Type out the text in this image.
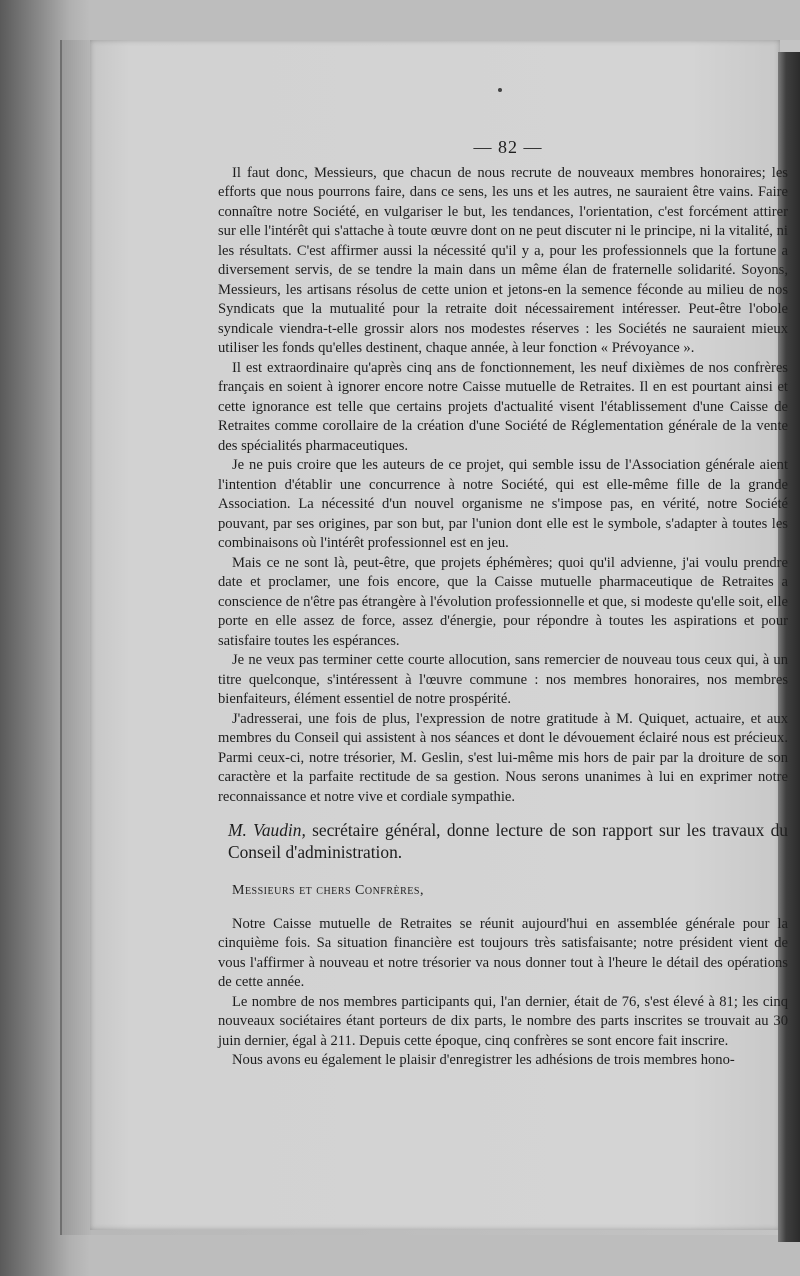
— 82 —

Il faut donc, Messieurs, que chacun de nous recrute de nouveaux membres honoraires; les efforts que nous pourrons faire, dans ce sens, les uns et les autres, ne sauraient être vains. Faire connaître notre Société, en vulgariser le but, les tendances, l'orientation, c'est forcément attirer sur elle l'intérêt qui s'attache à toute œuvre dont on ne peut discuter ni le principe, ni la vitalité, ni les résultats. C'est affirmer aussi la nécessité qu'il y a, pour les professionnels que la fortune a diversement servis, de se tendre la main dans un même élan de fraternelle solidarité. Soyons, Messieurs, les artisans résolus de cette union et jetons-en la semence féconde au milieu de nos Syndicats que la mutualité pour la retraite doit nécessairement intéresser. Peut-être l'obole syndicale viendra-t-elle grossir alors nos modestes réserves : les Sociétés ne sauraient mieux utiliser les fonds qu'elles destinent, chaque année, à leur fonction « Prévoyance ».

Il est extraordinaire qu'après cinq ans de fonctionnement, les neuf dixièmes de nos confrères français en soient à ignorer encore notre Caisse mutuelle de Retraites. Il en est pourtant ainsi et cette ignorance est telle que certains projets d'actualité visent l'établissement d'une Caisse de Retraites comme corollaire de la création d'une Société de Réglementation générale de la vente des spécialités pharmaceutiques.

Je ne puis croire que les auteurs de ce projet, qui semble issu de l'Association générale aient l'intention d'établir une concurrence à notre Société, qui est elle-même fille de la grande Association. La nécessité d'un nouvel organisme ne s'impose pas, en vérité, notre Société pouvant, par ses origines, par son but, par l'union dont elle est le symbole, s'adapter à toutes les combinaisons où l'intérêt professionnel est en jeu.

Mais ce ne sont là, peut-être, que projets éphémères; quoi qu'il advienne, j'ai voulu prendre date et proclamer, une fois encore, que la Caisse mutuelle pharmaceutique de Retraites a conscience de n'être pas étrangère à l'évolution professionnelle et que, si modeste qu'elle soit, elle porte en elle assez de force, assez d'énergie, pour répondre à toutes les aspirations et pour satisfaire toutes les espérances.

Je ne veux pas terminer cette courte allocution, sans remercier de nouveau tous ceux qui, à un titre quelconque, s'intéressent à l'œuvre commune : nos membres honoraires, nos membres bienfaiteurs, élément essentiel de notre prospérité.

J'adresserai, une fois de plus, l'expression de notre gratitude à M. Quiquet, actuaire, et aux membres du Conseil qui assistent à nos séances et dont le dévouement éclairé nous est précieux. Parmi ceux-ci, notre trésorier, M. Geslin, s'est lui-même mis hors de pair par la droiture de son caractère et la parfaite rectitude de sa gestion. Nous serons unanimes à lui en exprimer notre reconnaissance et notre vive et cordiale sympathie.

M. Vaudin, secrétaire général, donne lecture de son rapport sur les travaux du Conseil d'administration.

Messieurs et chers Confrères,

Notre Caisse mutuelle de Retraites se réunit aujourd'hui en assemblée générale pour la cinquième fois. Sa situation financière est toujours très satisfaisante; notre président vient de vous l'affirmer à nouveau et notre trésorier va nous donner tout à l'heure le détail des opérations de cette année.

Le nombre de nos membres participants qui, l'an dernier, était de 76, s'est élevé à 81; les cinq nouveaux sociétaires étant porteurs de dix parts, le nombre des parts inscrites se trouvait au 30 juin dernier, égal à 211. Depuis cette époque, cinq confrères se sont encore fait inscrire.

Nous avons eu également le plaisir d'enregistrer les adhésions de trois membres hono-
